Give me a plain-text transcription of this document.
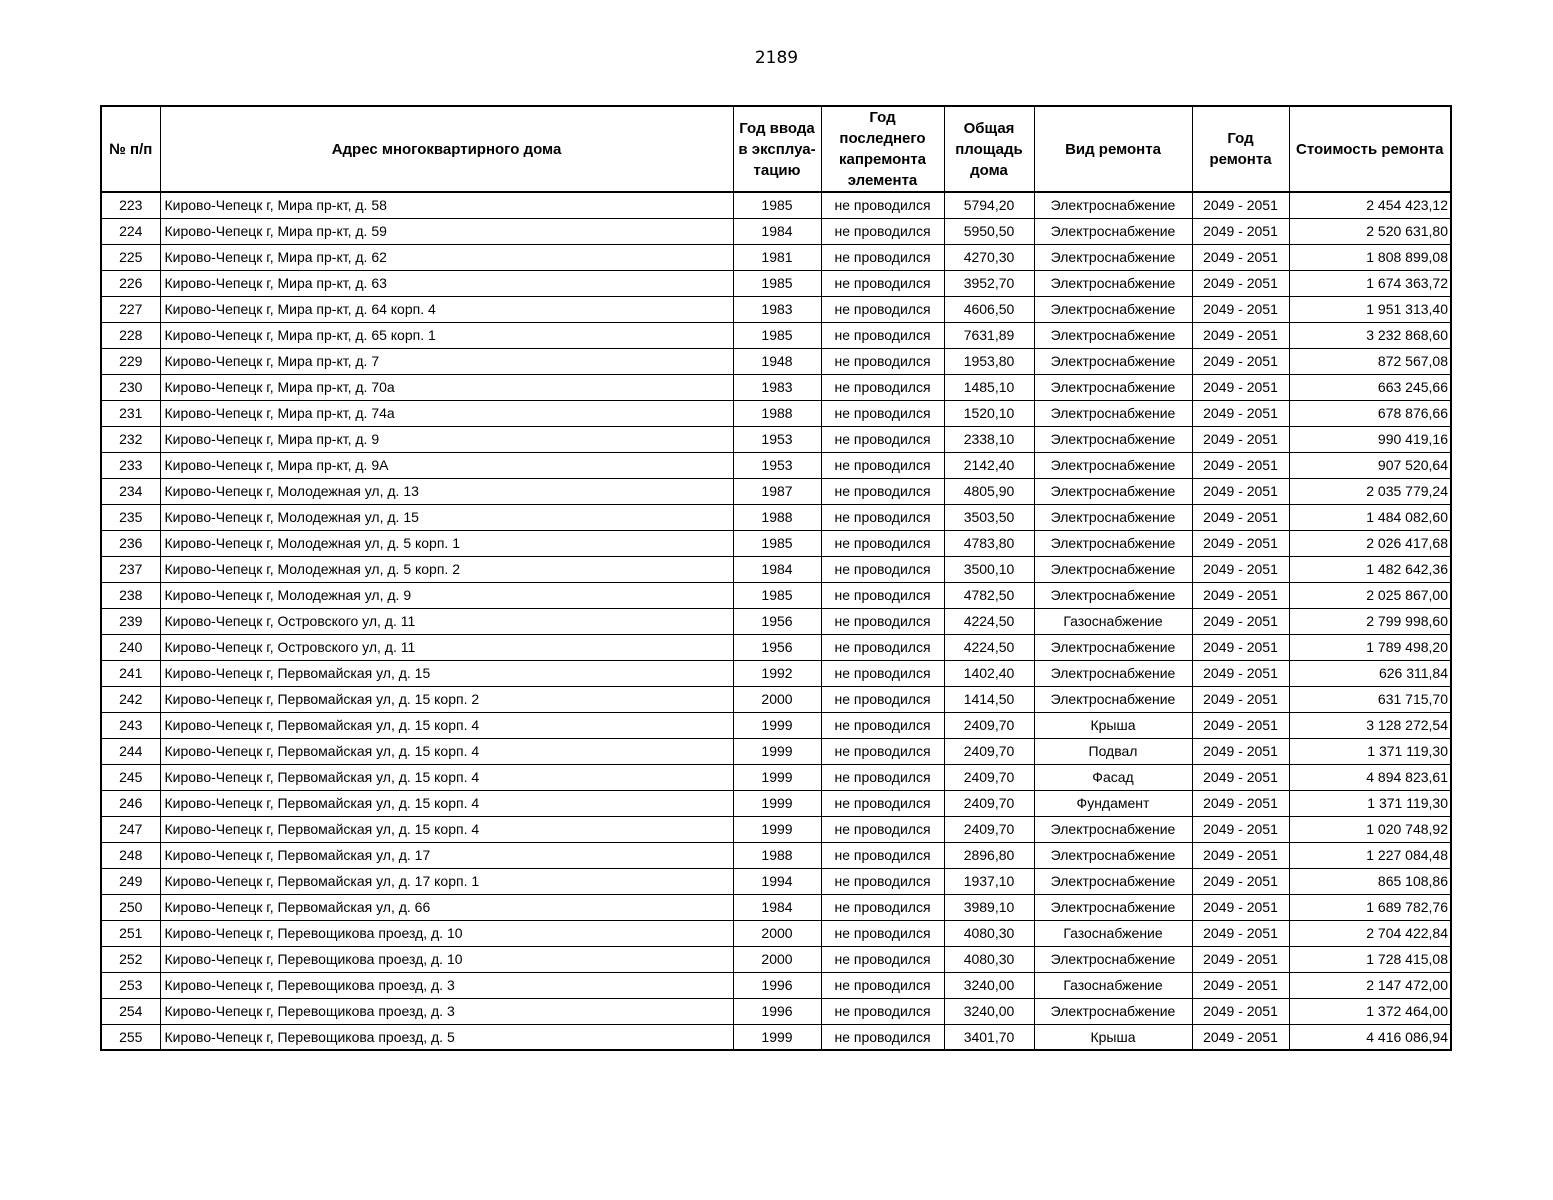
2189
№ п/п	Адрес многоквартирного дома	Год ввода в эксплуа-тацию	Год последнего капремонта элемента	Общая площадь дома	Вид ремонта	Год ремонта	Стоимость ремонта
223	Кирово-Чепецк г, Мира пр-кт, д. 58	1985	не проводился	5794,20	Электроснабжение	2049 - 2051	2 454 423,12
224	Кирово-Чепецк г, Мира пр-кт, д. 59	1984	не проводился	5950,50	Электроснабжение	2049 - 2051	2 520 631,80
225	Кирово-Чепецк г, Мира пр-кт, д. 62	1981	не проводился	4270,30	Электроснабжение	2049 - 2051	1 808 899,08
226	Кирово-Чепецк г, Мира пр-кт, д. 63	1985	не проводился	3952,70	Электроснабжение	2049 - 2051	1 674 363,72
227	Кирово-Чепецк г, Мира пр-кт, д. 64 корп. 4	1983	не проводился	4606,50	Электроснабжение	2049 - 2051	1 951 313,40
228	Кирово-Чепецк г, Мира пр-кт, д. 65 корп. 1	1985	не проводился	7631,89	Электроснабжение	2049 - 2051	3 232 868,60
229	Кирово-Чепецк г, Мира пр-кт, д. 7	1948	не проводился	1953,80	Электроснабжение	2049 - 2051	872 567,08
230	Кирово-Чепецк г, Мира пр-кт, д. 70а	1983	не проводился	1485,10	Электроснабжение	2049 - 2051	663 245,66
231	Кирово-Чепецк г, Мира пр-кт, д. 74а	1988	не проводился	1520,10	Электроснабжение	2049 - 2051	678 876,66
232	Кирово-Чепецк г, Мира пр-кт, д. 9	1953	не проводился	2338,10	Электроснабжение	2049 - 2051	990 419,16
233	Кирово-Чепецк г, Мира пр-кт, д. 9А	1953	не проводился	2142,40	Электроснабжение	2049 - 2051	907 520,64
234	Кирово-Чепецк г, Молодежная ул, д. 13	1987	не проводился	4805,90	Электроснабжение	2049 - 2051	2 035 779,24
235	Кирово-Чепецк г, Молодежная ул, д. 15	1988	не проводился	3503,50	Электроснабжение	2049 - 2051	1 484 082,60
236	Кирово-Чепецк г, Молодежная ул, д. 5 корп. 1	1985	не проводился	4783,80	Электроснабжение	2049 - 2051	2 026 417,68
237	Кирово-Чепецк г, Молодежная ул, д. 5 корп. 2	1984	не проводился	3500,10	Электроснабжение	2049 - 2051	1 482 642,36
238	Кирово-Чепецк г, Молодежная ул, д. 9	1985	не проводился	4782,50	Электроснабжение	2049 - 2051	2 025 867,00
239	Кирово-Чепецк г, Островского ул, д. 11	1956	не проводился	4224,50	Газоснабжение	2049 - 2051	2 799 998,60
240	Кирово-Чепецк г, Островского ул, д. 11	1956	не проводился	4224,50	Электроснабжение	2049 - 2051	1 789 498,20
241	Кирово-Чепецк г, Первомайская ул, д. 15	1992	не проводился	1402,40	Электроснабжение	2049 - 2051	626 311,84
242	Кирово-Чепецк г, Первомайская ул, д. 15 корп. 2	2000	не проводился	1414,50	Электроснабжение	2049 - 2051	631 715,70
243	Кирово-Чепецк г, Первомайская ул, д. 15 корп. 4	1999	не проводился	2409,70	Крыша	2049 - 2051	3 128 272,54
244	Кирово-Чепецк г, Первомайская ул, д. 15 корп. 4	1999	не проводился	2409,70	Подвал	2049 - 2051	1 371 119,30
245	Кирово-Чепецк г, Первомайская ул, д. 15 корп. 4	1999	не проводился	2409,70	Фасад	2049 - 2051	4 894 823,61
246	Кирово-Чепецк г, Первомайская ул, д. 15 корп. 4	1999	не проводился	2409,70	Фундамент	2049 - 2051	1 371 119,30
247	Кирово-Чепецк г, Первомайская ул, д. 15 корп. 4	1999	не проводился	2409,70	Электроснабжение	2049 - 2051	1 020 748,92
248	Кирово-Чепецк г, Первомайская ул, д. 17	1988	не проводился	2896,80	Электроснабжение	2049 - 2051	1 227 084,48
249	Кирово-Чепецк г, Первомайская ул, д. 17 корп. 1	1994	не проводился	1937,10	Электроснабжение	2049 - 2051	865 108,86
250	Кирово-Чепецк г, Первомайская ул, д. 66	1984	не проводился	3989,10	Электроснабжение	2049 - 2051	1 689 782,76
251	Кирово-Чепецк г, Перевощикова проезд, д. 10	2000	не проводился	4080,30	Газоснабжение	2049 - 2051	2 704 422,84
252	Кирово-Чепецк г, Перевощикова проезд, д. 10	2000	не проводился	4080,30	Электроснабжение	2049 - 2051	1 728 415,08
253	Кирово-Чепецк г, Перевощикова проезд, д. 3	1996	не проводился	3240,00	Газоснабжение	2049 - 2051	2 147 472,00
254	Кирово-Чепецк г, Перевощикова проезд, д. 3	1996	не проводился	3240,00	Электроснабжение	2049 - 2051	1 372 464,00
255	Кирово-Чепецк г, Перевощикова проезд, д. 5	1999	не проводился	3401,70	Крыша	2049 - 2051	4 416 086,94
